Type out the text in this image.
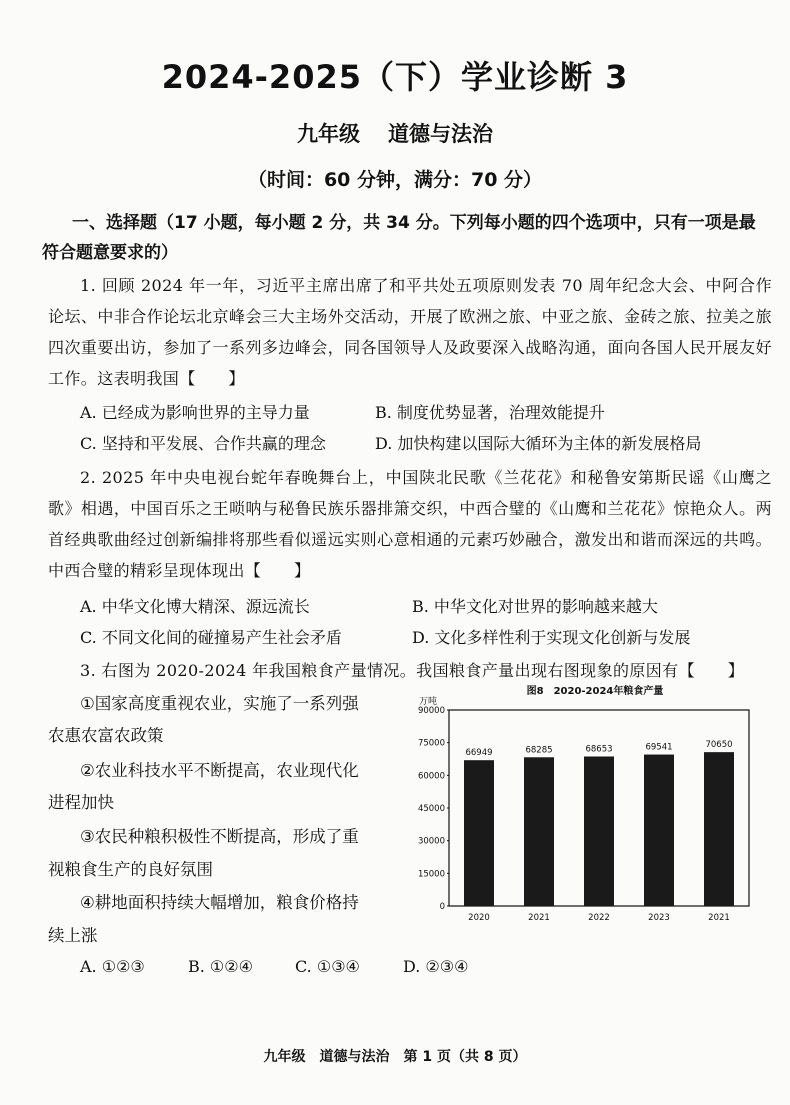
2024-2025（下）学业诊断 3
九年级 道德与法治
（时间：60 分钟，满分：70 分）
一、选择题（17 小题，每小题 2 分，共 34 分。下列每小题的四个选项中，只有一项是最符合题意要求的）
1. 回顾 2024 年一年，习近平主席出席了和平共处五项原则发表 70 周年纪念大会、中阿合作论坛、中非合作论坛北京峰会三大主场外交活动，开展了欧洲之旅、中亚之旅、金砖之旅、拉美之旅四次重要出访，参加了一系列多边峰会，同各国领导人及政要深入战略沟通，面向各国人民开展友好工作。这表明我国【　　】
A. 已经成为影响世界的主导力量	B. 制度优势显著，治理效能提升
C. 坚持和平发展、合作共赢的理念	D. 加快构建以国际大循环为主体的新发展格局
2. 2025 年中央电视台蛇年春晚舞台上，中国陕北民歌《兰花花》和秘鲁安第斯民谣《山鹰之歌》相遇，中国百乐之王唢呐与秘鲁民族乐器排箫交织，中西合璧的《山鹰和兰花花》惊艳众人。两首经典歌曲经过创新编排将那些看似遥远实则心意相通的元素巧妙融合，激发出和谐而深远的共鸣。中西合璧的精彩呈现体现出【　　】
A. 中华文化博大精深、源远流长	B. 中华文化对世界的影响越来越大
C. 不同文化间的碰撞易产生社会矛盾	D. 文化多样性利于实现文化创新与发展
3. 右图为 2020-2024 年我国粮食产量情况。我国粮食产量出现右图现象的原因有【　　】
①国家高度重视农业，实施了一系列强
农惠农富农政策
②农业科技水平不断提高，农业现代化
进程加快
③农民种粮积极性不断提高，形成了重
视粮食生产的良好氛围
④耕地面积持续大幅增加，粮食价格持
续上涨
A. ①②③	B. ①②④	C. ①③④	D. ②③④
图8　2020-2024年粮食产量
万吨
0
15000
30000
45000
60000
75000
90000
66949	68285	68653	69541	70650
2020	2021	2022	2023	2021
九年级 道德与法治 第 1 页（共 8 页）
